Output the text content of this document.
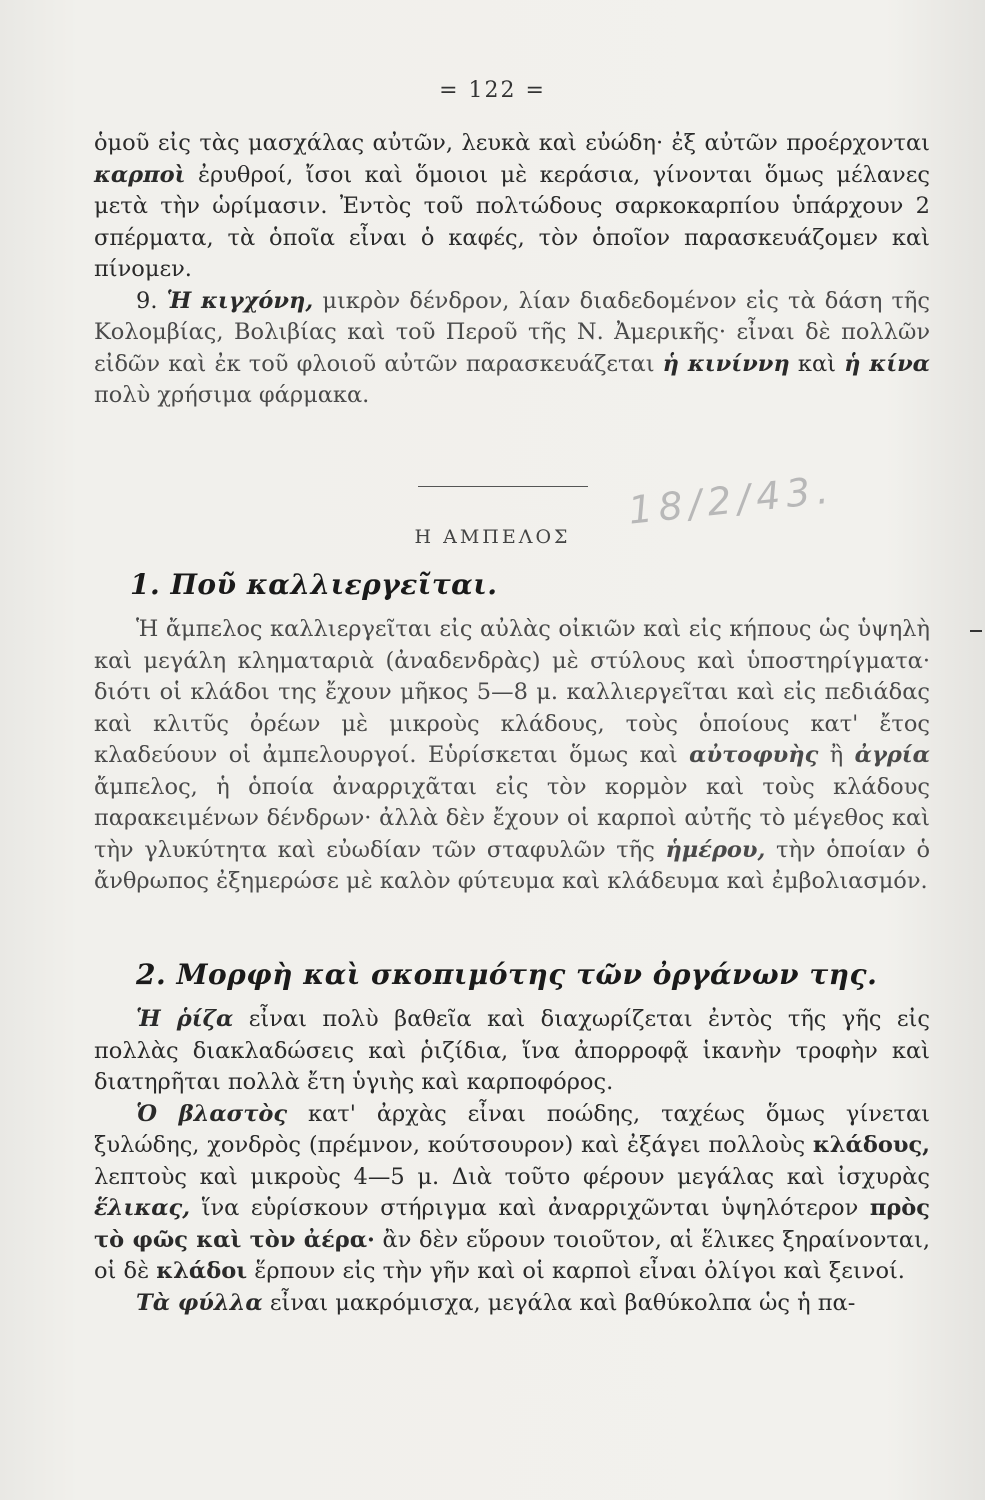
= 122 =

ὁμοῦ εἰς τὰς μασχάλας αὐτῶν, λευκὰ καὶ εὐώδη· ἐξ αὐτῶν προέρχονται καρποὶ ἐρυθροί, ἴσοι καὶ ὅμοιοι μὲ κεράσια, γίνονται ὅμως μέλανες μετὰ τὴν ὡρίμασιν. Ἐντὸς τοῦ πολτώδους σαρκοκαρπίου ὑπάρχουν 2 σπέρματα, τὰ ὁποῖα εἶναι ὁ καφές, τὸν ὁποῖον παρασκευάζομεν καὶ πίνομεν.

9. Ἡ κιγχόνη, μικρὸν δένδρον, λίαν διαδεδομένον εἰς τὰ δάση τῆς Κολομβίας, Βολιβίας καὶ τοῦ Περοῦ τῆς Ν. Ἀμερικῆς· εἶναι δὲ πολλῶν εἰδῶν καὶ ἐκ τοῦ φλοιοῦ αὐτῶν παρασκευάζεται ἡ κινίννη καὶ ἡ κίνα πολὺ χρήσιμα φάρμακα.

18/2/43.
Η ΑΜΠΕΛΟΣ
1. Ποῦ καλλιεργεῖται.

Ἡ ἄμπελος καλλιεργεῖται εἰς αὐλὰς οἰκιῶν καὶ εἰς κήπους ὡς ὑψηλὴ καὶ μεγάλη κληματαριὰ (ἀναδενδρὰς) μὲ στύλους καὶ ὑποστηρίγματα· διότι οἱ κλάδοι της ἔχουν μῆκος 5—8 μ. καλλιεργεῖται καὶ εἰς πεδιάδας καὶ κλιτῦς ὀρέων μὲ μικροὺς κλάδους, τοὺς ὁποίους κατ' ἔτος κλαδεύουν οἱ ἀμπελουργοί. Εὑρίσκεται ὅμως καὶ αὐτοφυὴς ἢ ἀγρία ἄμπελος, ἡ ὁποία ἀναρριχᾶται εἰς τὸν κορμὸν καὶ τοὺς κλάδους παρακειμένων δένδρων· ἀλλὰ δὲν ἔχουν οἱ καρποὶ αὐτῆς τὸ μέγεθος καὶ τὴν γλυκύτητα καὶ εὐωδίαν τῶν σταφυλῶν τῆς ἡμέρου, τὴν ὁποίαν ὁ ἄνθρωπος ἐξημερώσε μὲ καλὸν φύτευμα καὶ κλάδευμα καὶ ἐμβολιασμόν.

2. Μορφὴ καὶ σκοπιμότης τῶν ὀργάνων της.

Ἡ ῥίζα εἶναι πολὺ βαθεῖα καὶ διαχωρίζεται ἐντὸς τῆς γῆς εἰς πολλὰς διακλαδώσεις καὶ ῥιζίδια, ἵνα ἀπορροφᾷ ἱκανὴν τροφὴν καὶ διατηρῆται πολλὰ ἔτη ὑγιὴς καὶ καρποφόρος.

Ὁ βλαστὸς κατ' ἀρχὰς εἶναι ποώδης, ταχέως ὅμως γίνεται ξυλώδης, χονδρὸς (πρέμνον, κούτσουρον) καὶ ἐξάγει πολλοὺς κλάδους, λεπτοὺς καὶ μικροὺς 4—5 μ. Διὰ τοῦτο φέρουν μεγάλας καὶ ἰσχυρὰς ἕλικας, ἵνα εὑρίσκουν στήριγμα καὶ ἀναρριχῶνται ὑψηλότερον πρὸς τὸ φῶς καὶ τὸν ἀέρα· ἂν δὲν εὕρουν τοιοῦτον, αἱ ἕλικες ξηραίνονται, οἱ δὲ κλάδοι ἕρπουν εἰς τὴν γῆν καὶ οἱ καρποὶ εἶναι ὀλίγοι καὶ ξεινοί.

Τὰ φύλλα εἶναι μακρόμισχα, μεγάλα καὶ βαθύκολπα ὡς ἡ πα-
